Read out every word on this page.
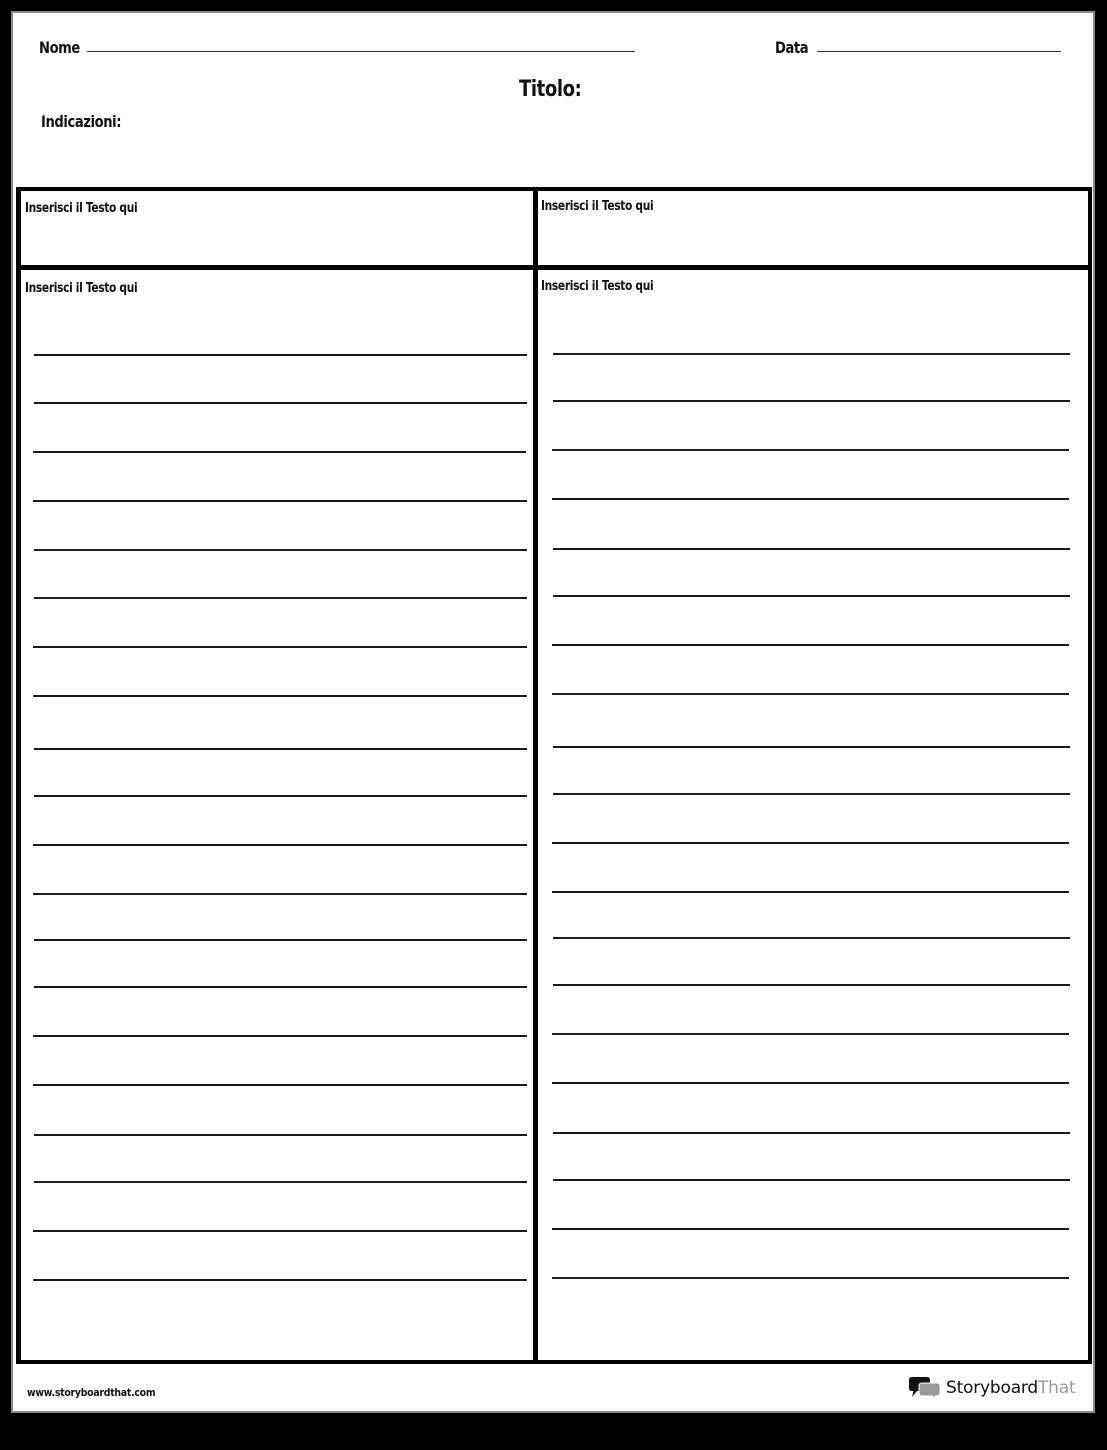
Nome	Data
Titolo:
Indicazioni:
Inserisci il Testo qui	Inserisci il Testo qui
Inserisci il Testo qui	Inserisci il Testo qui
www.storyboardthat.com	StoryboardThat
